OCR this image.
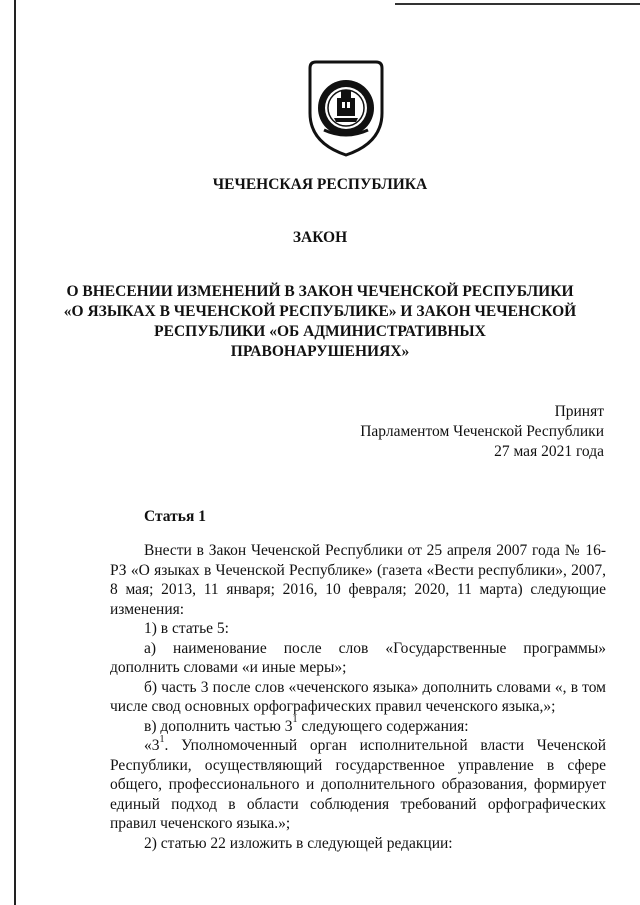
ЧЕЧЕНСКАЯ РЕСПУБЛИКА
ЗАКОН
О ВНЕСЕНИИ ИЗМЕНЕНИЙ В ЗАКОН ЧЕЧЕНСКОЙ РЕСПУБЛИКИ
«О ЯЗЫКАХ В ЧЕЧЕНСКОЙ РЕСПУБЛИКЕ» И ЗАКОН ЧЕЧЕНСКОЙ
РЕСПУБЛИКИ «ОБ АДМИНИСТРАТИВНЫХ
ПРАВОНАРУШЕНИЯХ»
Принят
Парламентом Чеченской Республики
27 мая 2021 года
Статья 1

Внести в Закон Чеченской Республики от 25 апреля 2007 года № 16-РЗ «О языках в Чеченской Республике» (газета «Вести республики», 2007, 8 мая; 2013, 11 января; 2016, 10 февраля; 2020, 11 марта) следующие изменения:

1) в статье 5:

а) наименование после слов «Государственные программы» дополнить словами «и иные меры»;

б) часть 3 после слов «чеченского языка» дополнить словами «, в том числе свод основных орфографических правил чеченского языка,»;

в) дополнить частью $3^1$ следующего содержания:

«$3^1$. Уполномоченный орган исполнительной власти Чеченской Республики, осуществляющий государственное управление в сфере общего, профессионального и дополнительного образования, формирует единый подход в области соблюдения требований орфографических правил чеченского языка.»;

2) статью 22 изложить в следующей редакции:
